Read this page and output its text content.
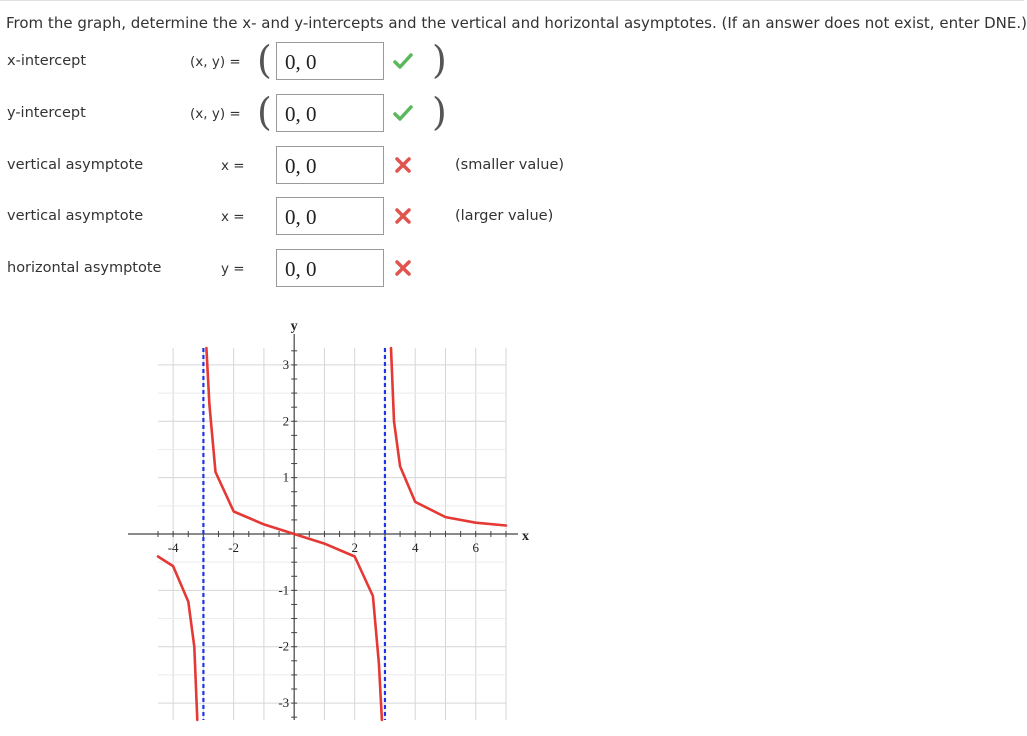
From the graph, determine the x- and y-intercepts and the vertical and horizontal asymptotes. (If an answer does not exist, enter DNE.)
x-intercept	(x, y) = ( 0, 0	)
y-intercept	(x, y) = ( 0, 0	)
vertical asymptote	x =	0, 0	(smaller value)
vertical asymptote	x =	0, 0	(larger value)
horizontal asymptote	y =	0, 0
-4	-2	2	4	6
3
2
1
-1
-2
-3
x
y
